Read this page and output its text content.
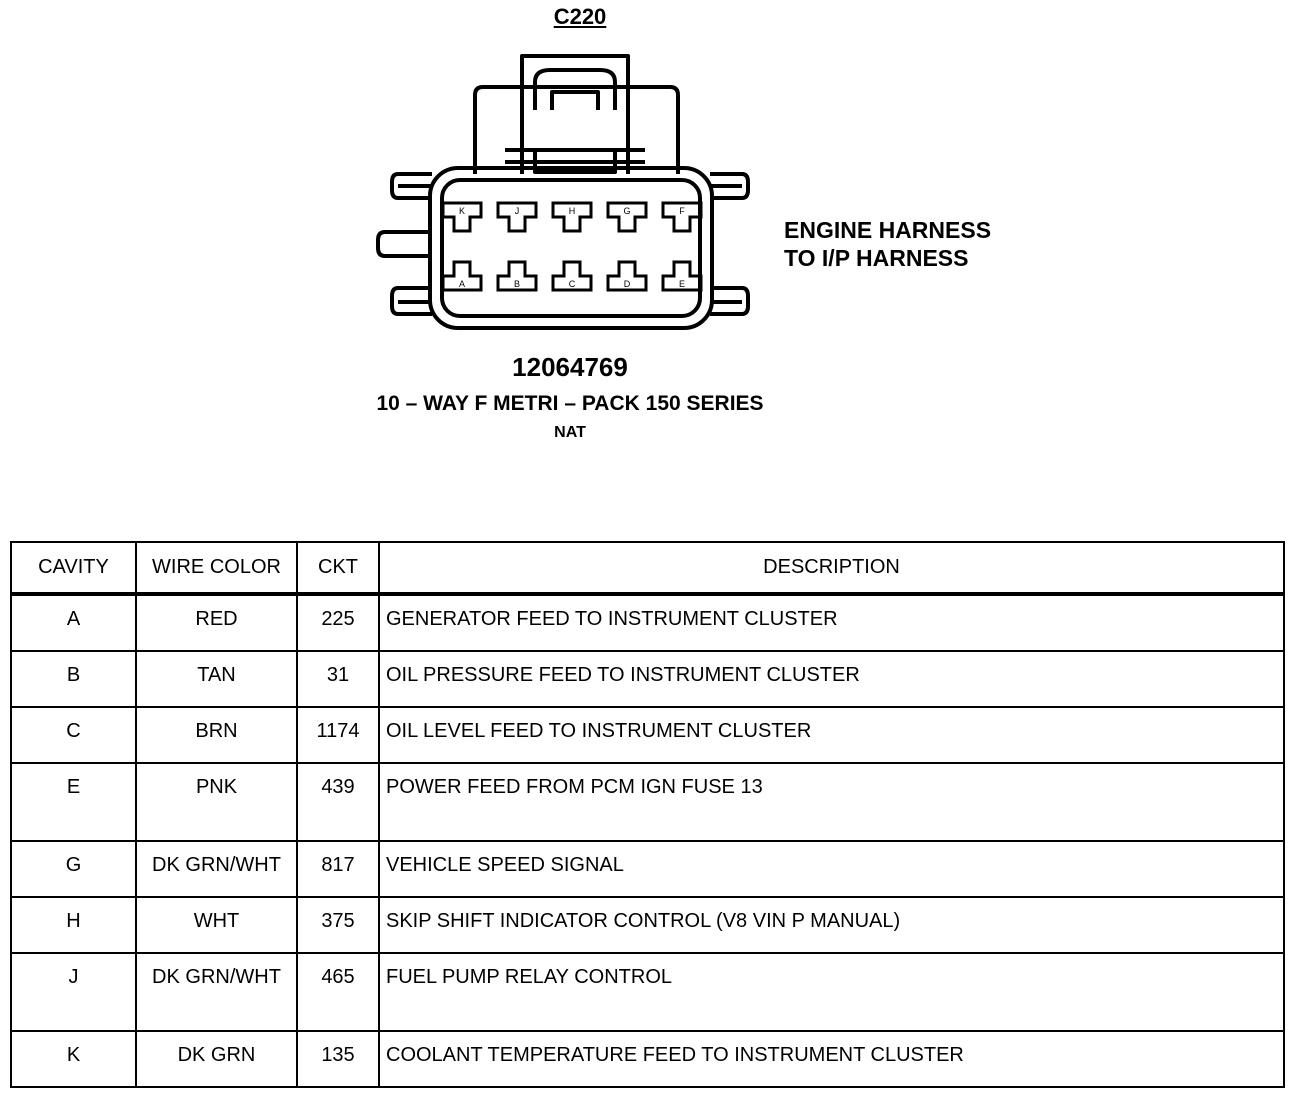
C220
K	J	H	G	F
A	B	C	D	E
ENGINE HARNESS
TO I/P HARNESS
12064769
10 – WAY F METRI – PACK 150 SERIES
NAT
CAVITY	WIRE COLOR	CKT	DESCRIPTION
A	RED	225	GENERATOR FEED TO INSTRUMENT CLUSTER
B	TAN	31	OIL PRESSURE FEED TO INSTRUMENT CLUSTER
C	BRN	1174	OIL LEVEL FEED TO INSTRUMENT CLUSTER
E	PNK	439	POWER FEED FROM PCM IGN FUSE 13
G	DK GRN/WHT	817	VEHICLE SPEED SIGNAL
H	WHT	375	SKIP SHIFT INDICATOR CONTROL (V8 VIN P MANUAL)
J	DK GRN/WHT	465	FUEL PUMP RELAY CONTROL
K	DK GRN	135	COOLANT TEMPERATURE FEED TO INSTRUMENT CLUSTER
